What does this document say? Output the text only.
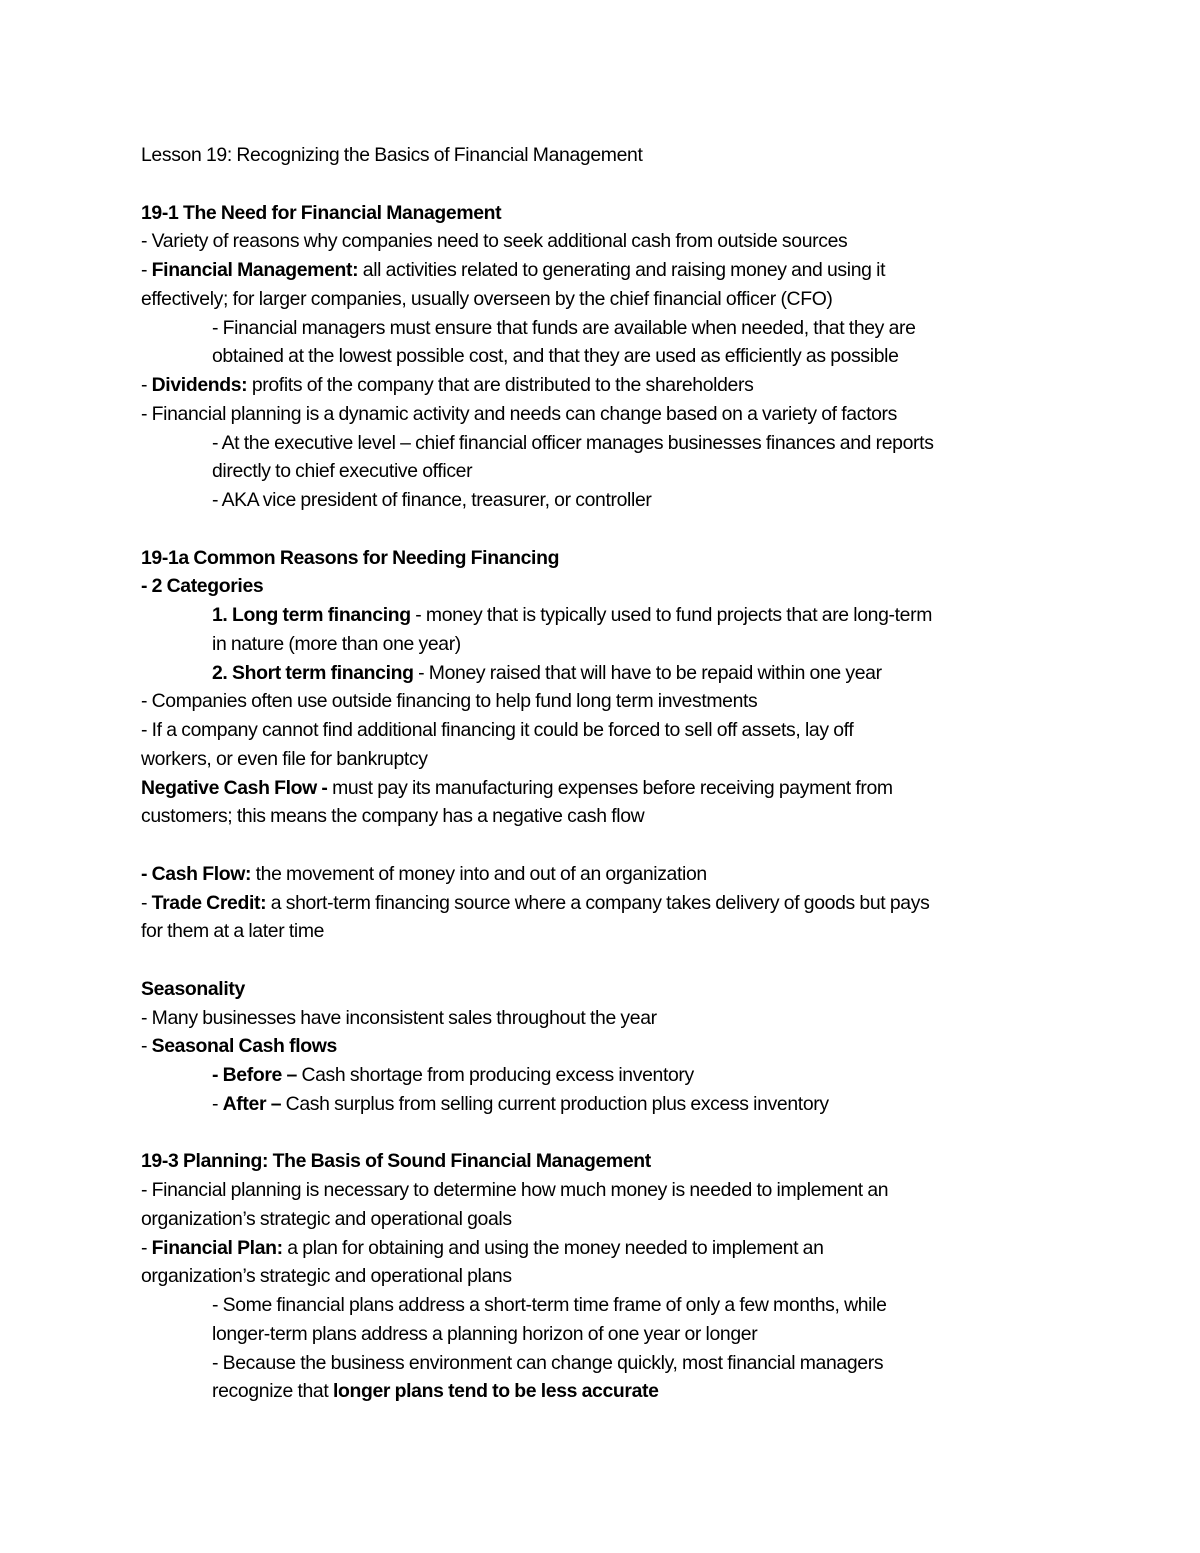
Lesson 19: Recognizing the Basics of Financial Management
19-1 The Need for Financial Management
- Variety of reasons why companies need to seek additional cash from outside sources
- Financial Management: all activities related to generating and raising money and using it
effectively; for larger companies, usually overseen by the chief financial officer (CFO)
- Financial managers must ensure that funds are available when needed, that they are
obtained at the lowest possible cost, and that they are used as efficiently as possible
- Dividends: profits of the company that are distributed to the shareholders
- Financial planning is a dynamic activity and needs can change based on a variety of factors
- At the executive level – chief financial officer manages businesses finances and reports
directly to chief executive officer
- AKA vice president of finance, treasurer, or controller
19-1a Common Reasons for Needing Financing
- 2 Categories
1. Long term financing - money that is typically used to fund projects that are long-term
in nature (more than one year)
2. Short term financing - Money raised that will have to be repaid within one year
- Companies often use outside financing to help fund long term investments
- If a company cannot find additional financing it could be forced to sell off assets, lay off
workers, or even file for bankruptcy
Negative Cash Flow - must pay its manufacturing expenses before receiving payment from
customers; this means the company has a negative cash flow
- Cash Flow: the movement of money into and out of an organization
- Trade Credit: a short-term financing source where a company takes delivery of goods but pays
for them at a later time
Seasonality
- Many businesses have inconsistent sales throughout the year
- Seasonal Cash flows
- Before – Cash shortage from producing excess inventory
- After – Cash surplus from selling current production plus excess inventory
19-3 Planning: The Basis of Sound Financial Management
- Financial planning is necessary to determine how much money is needed to implement an
organization’s strategic and operational goals
- Financial Plan: a plan for obtaining and using the money needed to implement an
organization’s strategic and operational plans
- Some financial plans address a short-term time frame of only a few months, while
longer-term plans address a planning horizon of one year or longer
- Because the business environment can change quickly, most financial managers
recognize that longer plans tend to be less accurate
